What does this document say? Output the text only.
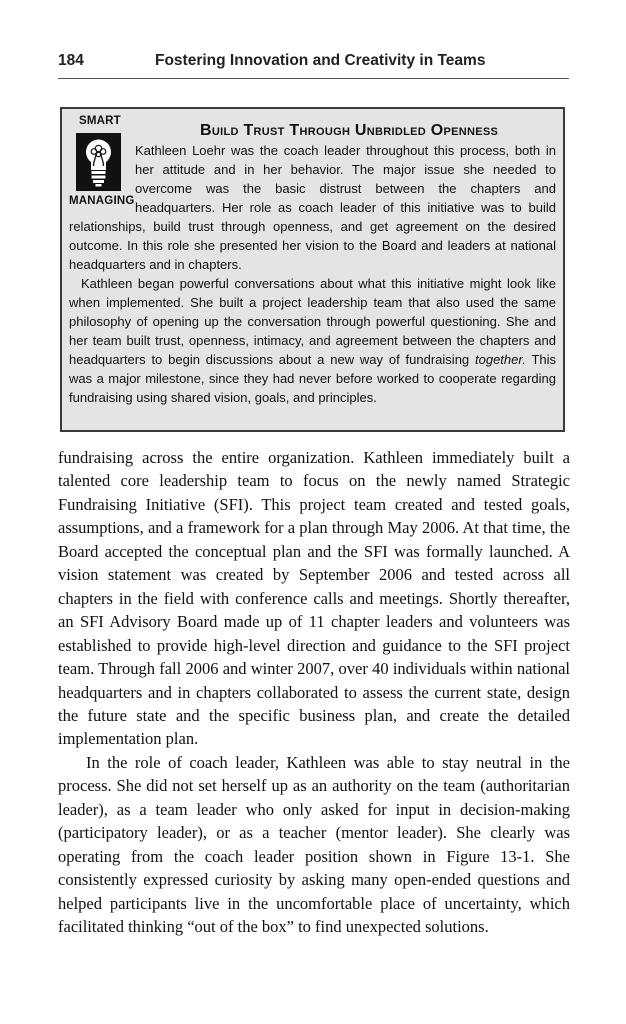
184	Fostering Innovation and Creativity in Teams
SMART
MANAGING
Build Trust Through Unbridled Openness

Kathleen Loehr was the coach leader throughout this process, both in her attitude and in her behavior. The major issue she needed to overcome was the basic distrust between the chapters and headquarters. Her role as coach leader of this initiative was to build relationships, build trust through openness, and get agreement on the desired outcome. In this role she presented her vision to the Board and leaders at national headquarters and in chapters.

Kathleen began powerful conversations about what this initiative might look like when implemented. She built a project leadership team that also used the same philosophy of opening up the conversation through powerful questioning. She and her team built trust, openness, intimacy, and agreement between the chapters and headquarters to begin discussions about a new way of fundraising together. This was a major milestone, since they had never before worked to cooperate regarding fundraising using shared vision, goals, and principles.

fundraising across the entire organization. Kathleen immediately built a talented core leadership team to focus on the newly named Strategic Fundraising Initiative (SFI). This project team created and tested goals, assumptions, and a framework for a plan through May 2006. At that time, the Board accepted the conceptual plan and the SFI was formally launched. A vision statement was created by September 2006 and tested across all chapters in the field with conference calls and meetings. Shortly thereafter, an SFI Advisory Board made up of 11 chapter leaders and volunteers was established to provide high-level direction and guidance to the SFI project team. Through fall 2006 and winter 2007, over 40 individuals within national headquarters and in chapters collaborated to assess the current state, design the future state and the specific business plan, and create the detailed implementation plan.

In the role of coach leader, Kathleen was able to stay neutral in the process. She did not set herself up as an authority on the team (authoritarian leader), as a team leader who only asked for input in decision-making (participatory leader), or as a teacher (mentor leader). She clearly was operating from the coach leader position shown in Figure 13-1. She consistently expressed curiosity by asking many open-ended questions and helped participants live in the uncomfortable place of uncertainty, which facilitated thinking “out of the box” to find unexpected solutions.
